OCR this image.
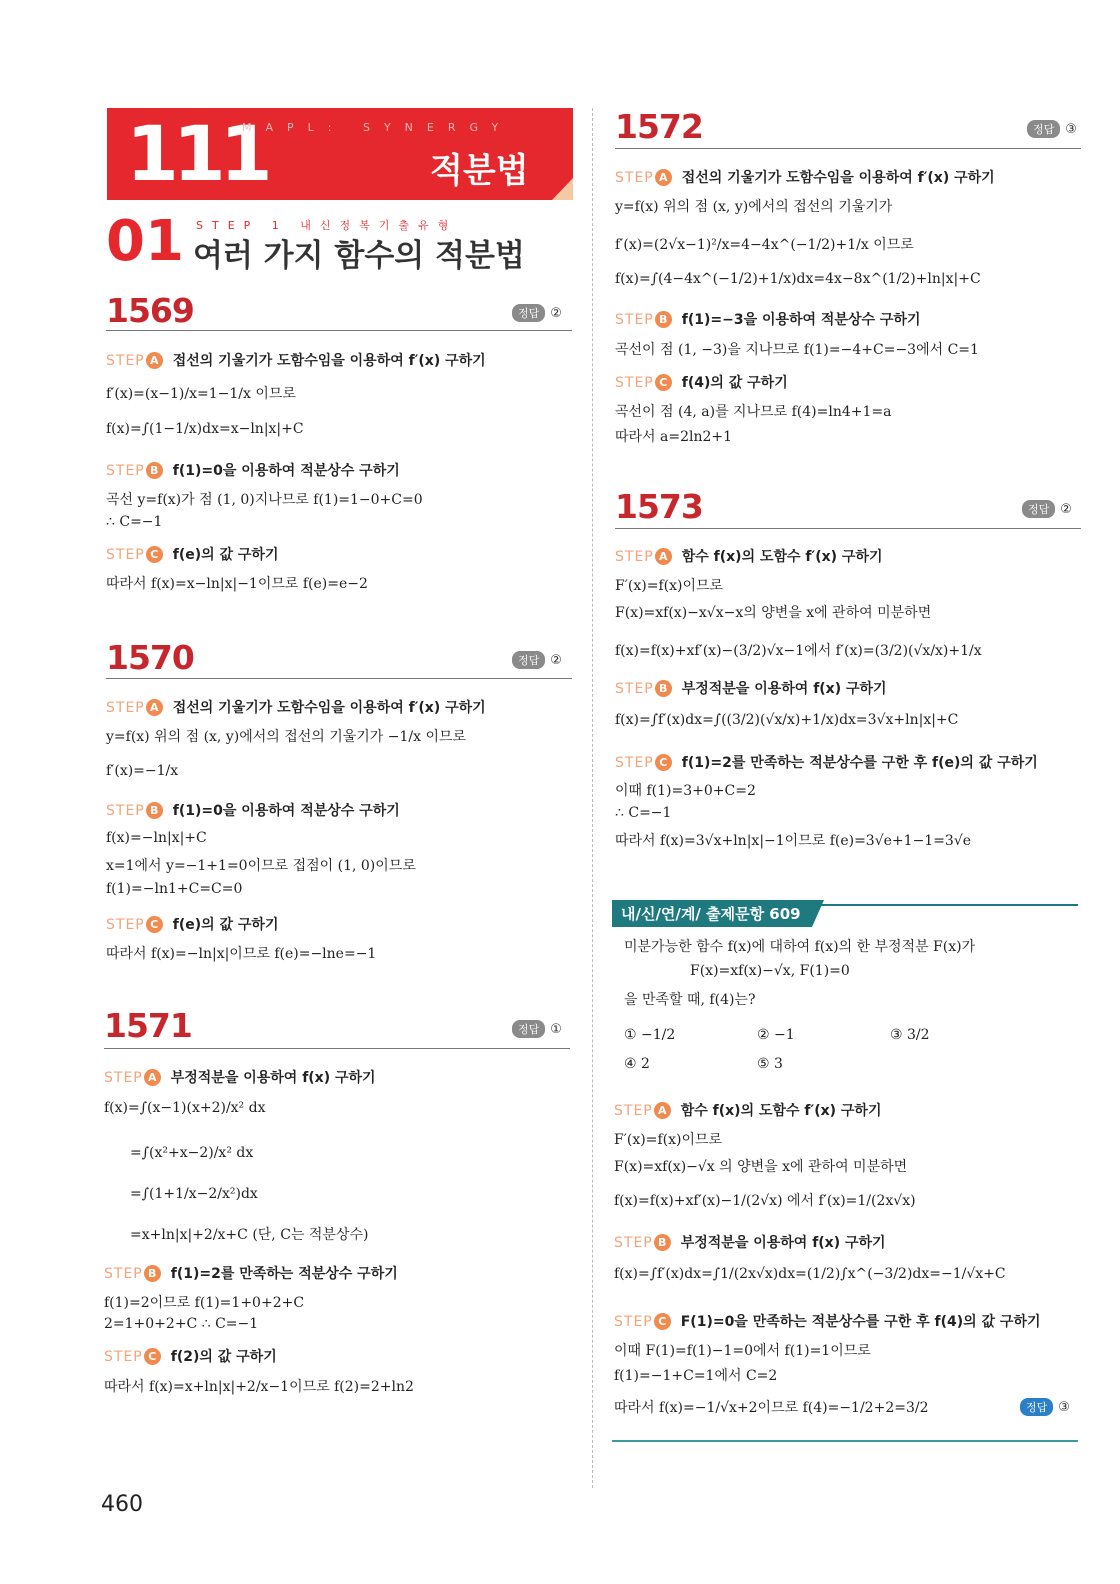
111
MAPL: SYNERGY
적분법
01 STEP 1 내신정복기출유형
여러 가지 함수의 적분법
1569	정답 ②
STEP A 접선의 기울기가 도함수임을 이용하여 f′(x) 구하기
f′(x)=(x−1)/x=1−1/x 이므로
f(x)=∫(1−1/x)dx=x−ln|x|+C
STEP B f(1)=0을 이용하여 적분상수 구하기
곡선 y=f(x)가 점 (1, 0)지나므로 f(1)=1−0+C=0
∴ C=−1
STEP C f(e)의 값 구하기
따라서 f(x)=x−ln|x|−1이므로 f(e)=e−2
1570	정답 ②
STEP A 접선의 기울기가 도함수임을 이용하여 f′(x) 구하기
y=f(x) 위의 점 (x, y)에서의 접선의 기울기가 −1/x 이므로
f′(x)=−1/x
STEP B f(1)=0을 이용하여 적분상수 구하기
f(x)=−ln|x|+C
x=1에서 y=−1+1=0이므로 접점이 (1, 0)이므로
f(1)=−ln1+C=C=0
STEP C f(e)의 값 구하기
따라서 f(x)=−ln|x|이므로 f(e)=−lne=−1
1571	정답 ①
STEP A 부정적분을 이용하여 f(x) 구하기
f(x)=∫(x−1)(x+2)/x² dx
=∫(x²+x−2)/x² dx
=∫(1+1/x−2/x²)dx
=x+ln|x|+2/x+C (단, C는 적분상수)
STEP B f(1)=2를 만족하는 적분상수 구하기
f(1)=2이므로 f(1)=1+0+2+C
2=1+0+2+C ∴ C=−1
STEP C f(2)의 값 구하기
따라서 f(x)=x+ln|x|+2/x−1이므로 f(2)=2+ln2
1572	정답 ③
STEP A 접선의 기울기가 도함수임을 이용하여 f′(x) 구하기
y=f(x) 위의 점 (x, y)에서의 접선의 기울기가
f′(x)=(2√x−1)²/x=4−4x^(−1/2)+1/x 이므로
f(x)=∫(4−4x^(−1/2)+1/x)dx=4x−8x^(1/2)+ln|x|+C
STEP B f(1)=−3을 이용하여 적분상수 구하기
곡선이 점 (1, −3)을 지나므로 f(1)=−4+C=−3에서 C=1
STEP C f(4)의 값 구하기
곡선이 점 (4, a)를 지나므로 f(4)=ln4+1=a
따라서 a=2ln2+1
1573	정답 ②
STEP A 함수 f(x)의 도함수 f′(x) 구하기
F′(x)=f(x)이므로
F(x)=xf(x)−x√x−x의 양변을 x에 관하여 미분하면
f(x)=f(x)+xf′(x)−(3/2)√x−1에서 f′(x)=(3/2)(√x/x)+1/x
STEP B 부정적분을 이용하여 f(x) 구하기
f(x)=∫f′(x)dx=∫((3/2)(√x/x)+1/x)dx=3√x+ln|x|+C
STEP C f(1)=2를 만족하는 적분상수를 구한 후 f(e)의 값 구하기
이때 f(1)=3+0+C=2
∴ C=−1
따라서 f(x)=3√x+ln|x|−1이므로 f(e)=3√e+1−1=3√e
내/신/연/계/ 출제문항 609
미분가능한 함수 f(x)에 대하여 f(x)의 한 부정적분 F(x)가
F(x)=xf(x)−√x, F(1)=0
을 만족할 때, f(4)는?
① −1/2	② −1	③ 3/2
④ 2	⑤ 3
STEP A 함수 f(x)의 도함수 f′(x) 구하기
F′(x)=f(x)이므로
F(x)=xf(x)−√x 의 양변을 x에 관하여 미분하면
f(x)=f(x)+xf′(x)−1/(2√x) 에서 f′(x)=1/(2x√x)
STEP B 부정적분을 이용하여 f(x) 구하기
f(x)=∫f′(x)dx=∫1/(2x√x)dx=(1/2)∫x^(−3/2)dx=−1/√x+C
STEP C F(1)=0을 만족하는 적분상수를 구한 후 f(4)의 값 구하기
이때 F(1)=f(1)−1=0에서 f(1)=1이므로
f(1)=−1+C=1에서 C=2
따라서 f(x)=−1/√x+2이므로 f(4)=−1/2+2=3/2	정답 ③
460
